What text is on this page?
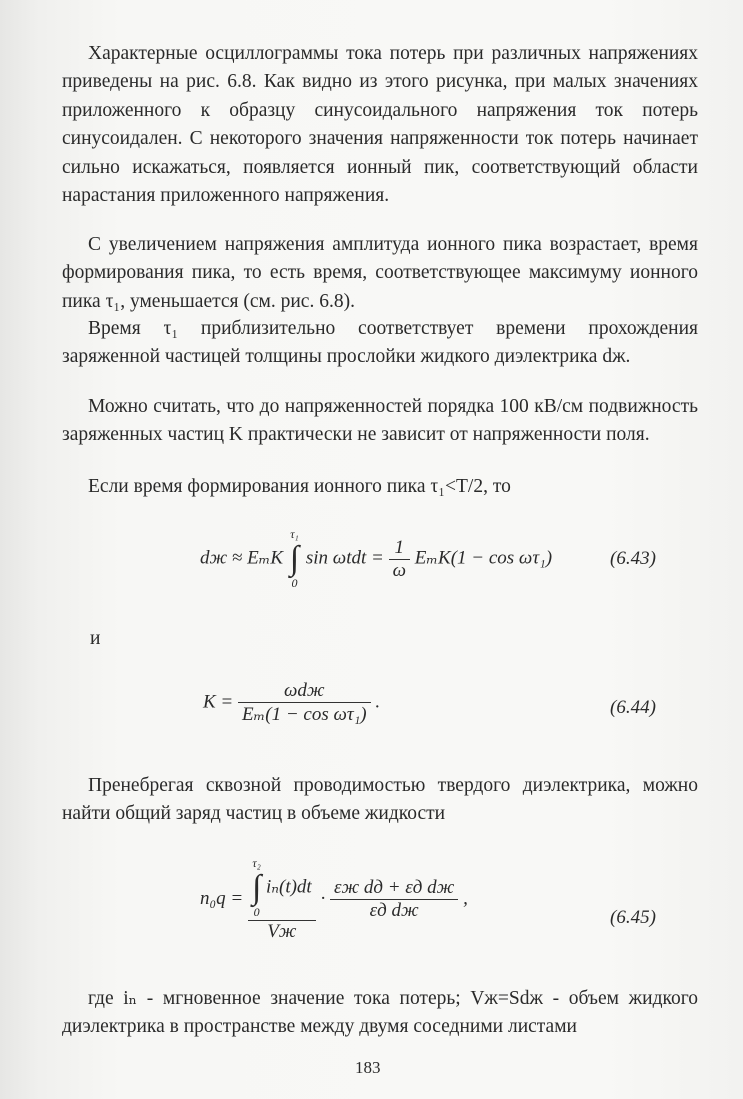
Характерные осциллограммы тока потерь при различных напряжениях приведены на рис. 6.8. Как видно из этого рисунка, при малых значениях приложенного к образцу синусоидального напряжения ток потерь синусоидален. С некоторого значения напряженности ток потерь начинает сильно искажаться, появляется ионный пик, соответствующий области нарастания приложенного напряжения.

С увеличением напряжения амплитуда ионного пика возрастает, время формирования пика, то есть время, соответствующее максимуму ионного пика τ₁, уменьшается (см. рис. 6.8).

Время τ₁ приблизительно соответствует времени прохождения заряженной частицей толщины прослойки жидкого диэлектрика dж.

Можно считать, что до напряженностей порядка 100 кВ/см подвижность заряженных частиц K практически не зависит от напряженности поля.

Если время формирования ионного пика τ₁<T/2, то

dж ≈ EₘK
τ₁
∫
0
$\sin \omega tdt = \frac{1}{\omega} E_mK(1 - \cos \omega\tau_1)$	(6.43)
и
$K = \frac{\text{ωdж}}{\text{Eₘ(1 − cos ωτ₁)}}$ .	(6.44)

Пренебрегая сквозной проводимостью твердого диэлектрика, можно найти общий заряд частиц в объеме жидкости

n₀q = τ₂
∫
0
iₙ(t)dt
Vж · $\frac{\text{εж dд + εд dж}}{\text{εд dж}}$ ,
(6.45)

где iₙ - мгновенное значение тока потерь; Vж=Sdж - объем жидкого диэлектрика в пространстве между двумя соседними листами

183
